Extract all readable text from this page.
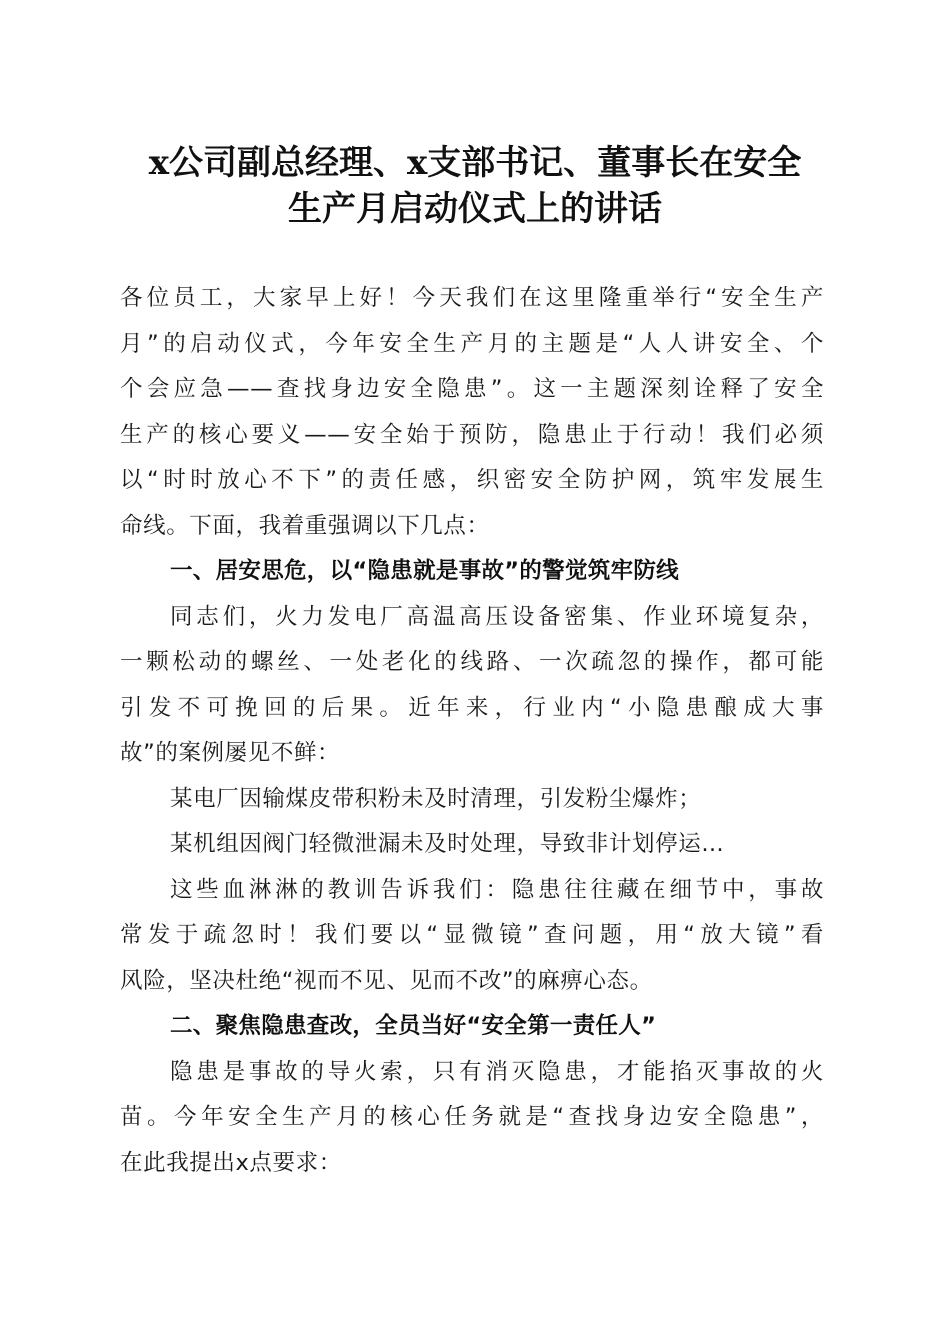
x公司副总经理、x支部书记、董事长在安全
生产月启动仪式上的讲话
各位员工，大家早上好！今天我们在这里隆重举行“安全生产
月”的启动仪式，今年安全生产月的主题是“人人讲安全、个
个会应急——查找身边安全隐患”。这一主题深刻诠释了安全
生产的核心要义——安全始于预防，隐患止于行动！我们必须
以“时时放心不下”的责任感，织密安全防护网，筑牢发展生
命线。下面，我着重强调以下几点：
一、居安思危，以“隐患就是事故”的警觉筑牢防线
同志们，火力发电厂高温高压设备密集、作业环境复杂，
一颗松动的螺丝、一处老化的线路、一次疏忽的操作，都可能
引发不可挽回的后果。近年来，行业内“小隐患酿成大事
故”的案例屡见不鲜：
某电厂因输煤皮带积粉未及时清理，引发粉尘爆炸；
某机组因阀门轻微泄漏未及时处理，导致非计划停运…
这些血淋淋的教训告诉我们：隐患往往藏在细节中，事故
常发于疏忽时！我们要以“显微镜”查问题，用“放大镜”看
风险，坚决杜绝“视而不见、见而不改”的麻痹心态。
二、聚焦隐患查改，全员当好“安全第一责任人”
隐患是事故的导火索，只有消灭隐患，才能掐灭事故的火
苗。今年安全生产月的核心任务就是“查找身边安全隐患”，
在此我提出x点要求：
